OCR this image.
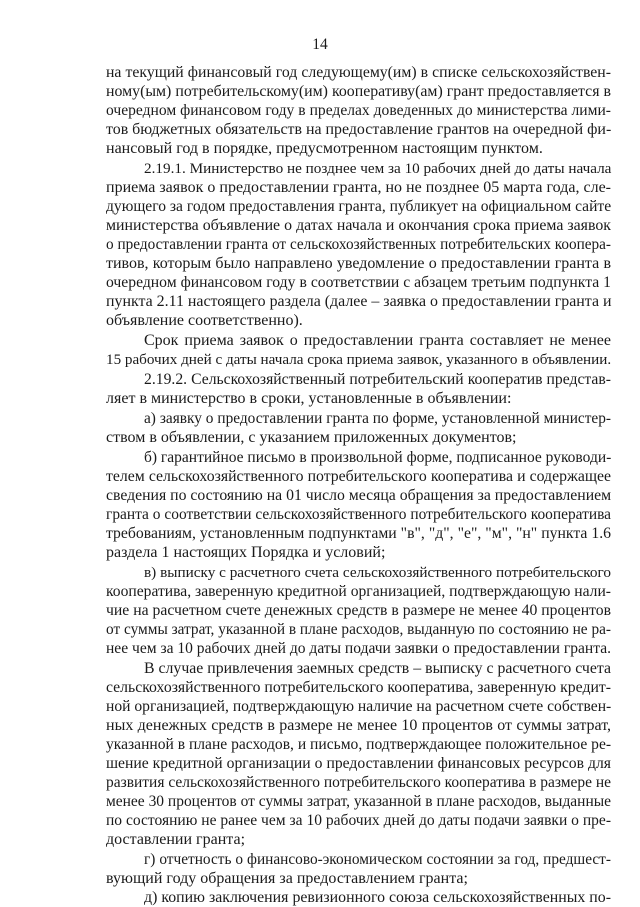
14
на текущий финансовый год следующему(им) в списке сельскохозяйствен-
ному(ым) потребительскому(им) кооперативу(ам) грант предоставляется в
очередном финансовом году в пределах доведенных до министерства лими-
тов бюджетных обязательств на предоставление грантов на очередной фи-
нансовый год в порядке, предусмотренном настоящим пунктом.
2.19.1. Министерство не позднее чем за 10 рабочих дней до даты начала
приема заявок о предоставлении гранта, но не позднее 05 марта года, сле-
дующего за годом предоставления гранта, публикует на официальном сайте
министерства объявление о датах начала и окончания срока приема заявок
о предоставлении гранта от сельскохозяйственных потребительских коопера-
тивов, которым было направлено уведомление о предоставлении гранта в
очередном финансовом году в соответствии с абзацем третьим подпункта 1
пункта 2.11 настоящего раздела (далее – заявка о предоставлении гранта и
объявление соответственно).
Срок приема заявок о предоставлении гранта составляет не менее
15 рабочих дней с даты начала срока приема заявок, указанного в объявлении.
2.19.2. Сельскохозяйственный потребительский кооператив представ-
ляет в министерство в сроки, установленные в объявлении:
а) заявку о предоставлении гранта по форме, установленной министер-
ством в объявлении, с указанием приложенных документов;
б) гарантийное письмо в произвольной форме, подписанное руководи-
телем сельскохозяйственного потребительского кооператива и содержащее
сведения по состоянию на 01 число месяца обращения за предоставлением
гранта о соответствии сельскохозяйственного потребительского кооператива
требованиям, установленным подпунктами "в", "д", "е", "м", "н" пункта 1.6
раздела 1 настоящих Порядка и условий;
в) выписку с расчетного счета сельскохозяйственного потребительского
кооператива, заверенную кредитной организацией, подтверждающую нали-
чие на расчетном счете денежных средств в размере не менее 40 процентов
от суммы затрат, указанной в плане расходов, выданную по состоянию не ра-
нее чем за 10 рабочих дней до даты подачи заявки о предоставлении гранта.
В случае привлечения заемных средств – выписку с расчетного счета
сельскохозяйственного потребительского кооператива, заверенную кредит-
ной организацией, подтверждающую наличие на расчетном счете собствен-
ных денежных средств в размере не менее 10 процентов от суммы затрат,
указанной в плане расходов, и письмо, подтверждающее положительное ре-
шение кредитной организации о предоставлении финансовых ресурсов для
развития сельскохозяйственного потребительского кооператива в размере не
менее 30 процентов от суммы затрат, указанной в плане расходов, выданные
по состоянию не ранее чем за 10 рабочих дней до даты подачи заявки о пре-
доставлении гранта;
г) отчетность о финансово-экономическом состоянии за год, предшест-
вующий году обращения за предоставлением гранта;
д) копию заключения ревизионного союза сельскохозяйственных по-
